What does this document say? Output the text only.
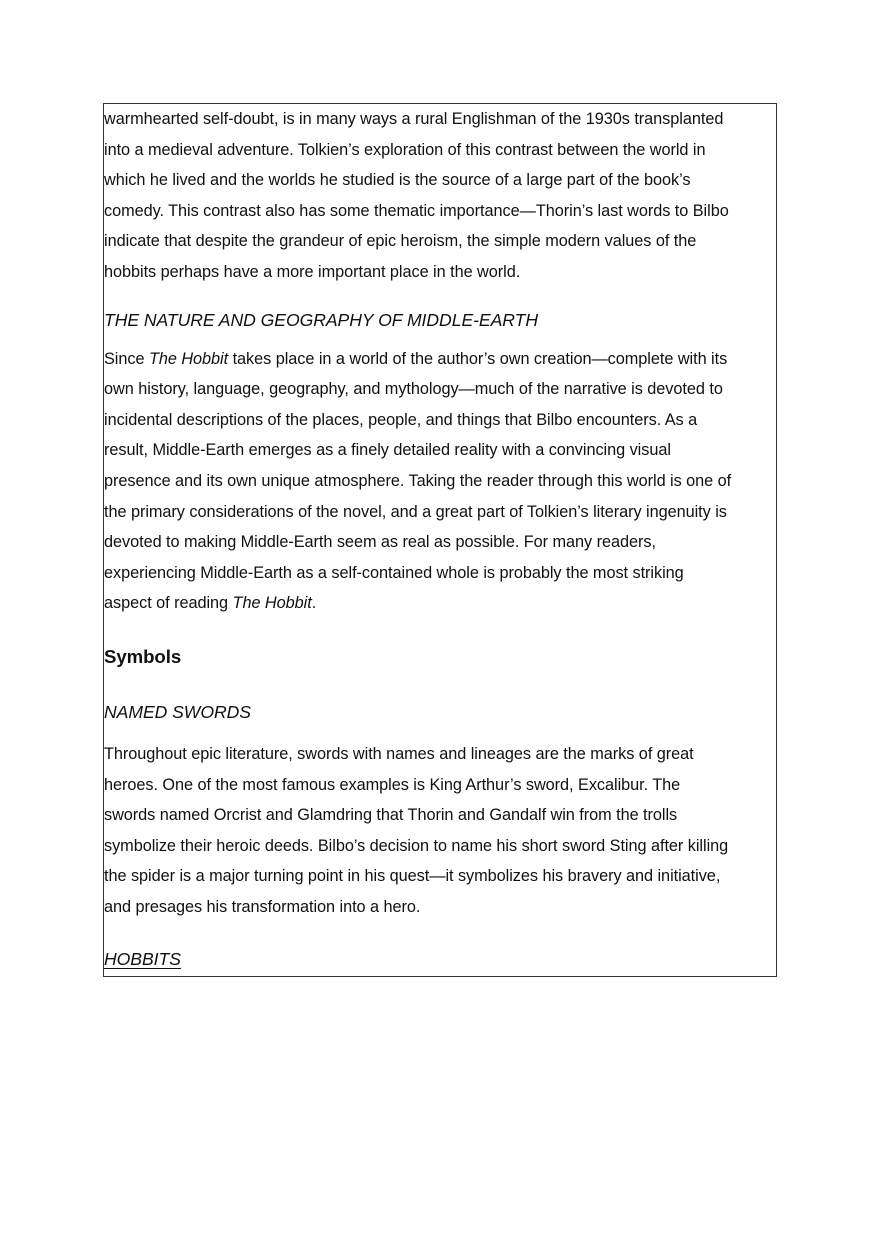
warmhearted self-doubt, is in many ways a rural Englishman of the 1930s transplanted
into a medieval adventure. Tolkien’s exploration of this contrast between the world in
which he lived and the worlds he studied is the source of a large part of the book’s
comedy. This contrast also has some thematic importance—Thorin’s last words to Bilbo
indicate that despite the grandeur of epic heroism, the simple modern values of the
hobbits perhaps have a more important place in the world.

THE NATURE AND GEOGRAPHY OF MIDDLE-EARTH

Since The Hobbit takes place in a world of the author’s own creation—complete with its
own history, language, geography, and mythology—much of the narrative is devoted to
incidental descriptions of the places, people, and things that Bilbo encounters. As a
result, Middle-Earth emerges as a finely detailed reality with a convincing visual
presence and its own unique atmosphere. Taking the reader through this world is one of
the primary considerations of the novel, and a great part of Tolkien’s literary ingenuity is
devoted to making Middle-Earth seem as real as possible. For many readers,
experiencing Middle-Earth as a self-contained whole is probably the most striking
aspect of reading The Hobbit.

Symbols
NAMED SWORDS

Throughout epic literature, swords with names and lineages are the marks of great
heroes. One of the most famous examples is King Arthur’s sword, Excalibur. The
swords named Orcrist and Glamdring that Thorin and Gandalf win from the trolls
symbolize their heroic deeds. Bilbo’s decision to name his short sword Sting after killing
the spider is a major turning point in his quest—it symbolizes his bravery and initiative,
and presages his transformation into a hero.

HOBBITS
